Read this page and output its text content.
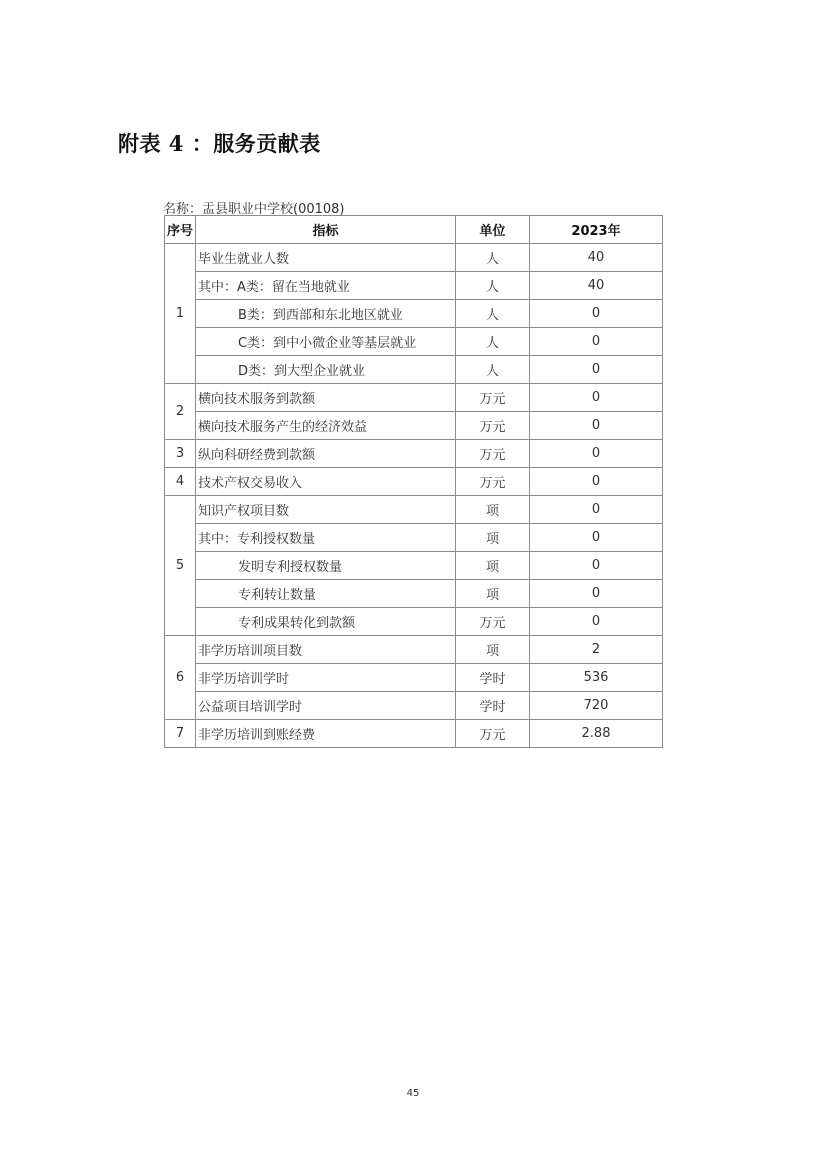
附表 4 ：服务贡献表
名称：盂县职业中学校(00108)
序号	指标	单位	2023年
1	毕业生就业人数	人	40
	其中：A类：留在当地就业	人	40
	B类：到西部和东北地区就业	人	0
	C类：到中小微企业等基层就业	人	0
	D类：到大型企业就业	人	0
2	横向技术服务到款额	万元	0
	横向技术服务产生的经济效益	万元	0
3	纵向科研经费到款额	万元	0
4	技术产权交易收入	万元	0
5	知识产权项目数	项	0
	其中：专利授权数量	项	0
	发明专利授权数量	项	0
	专利转让数量	项	0
	专利成果转化到款额	万元	0
6	非学历培训项目数	项	2
	非学历培训学时	学时	536
	公益项目培训学时	学时	720
7	非学历培训到账经费	万元	2.88
45
